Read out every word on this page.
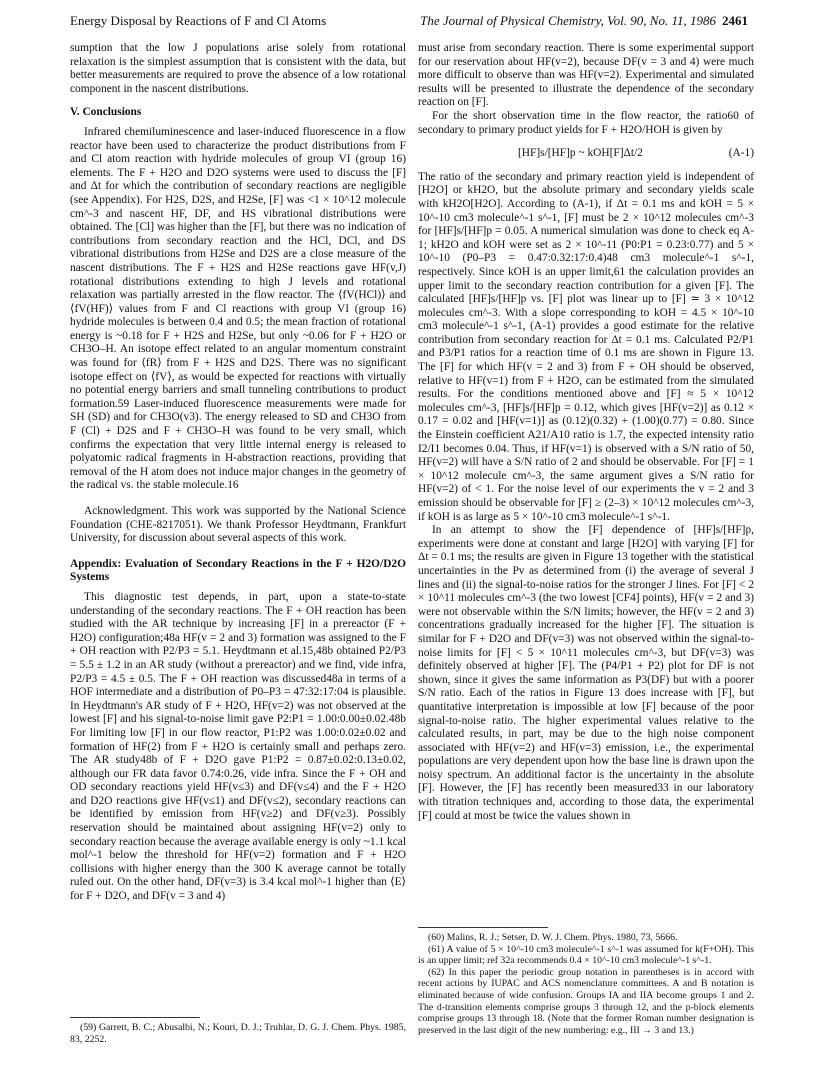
Energy Disposal by Reactions of F and Cl Atoms	The Journal of Physical Chemistry, Vol. 90, No. 11, 1986 2461

sumption that the low J populations arise solely from rotational relaxation is the simplest assumption that is consistent with the data, but better measurements are required to prove the absence of a low rotational component in the nascent distributions.

V. Conclusions

Infrared chemiluminescence and laser-induced fluorescence in a flow reactor have been used to characterize the product distributions from F and Cl atom reaction with hydride molecules of group VI (group 16) elements. The F + H2O and D2O systems were used to discuss the [F] and Δt for which the contribution of secondary reactions are negligible (see Appendix). For H2S, D2S, and H2Se, [F] was <1 × 10^12 molecule cm^-3 and nascent HF, DF, and HS vibrational distributions were obtained. The [Cl] was higher than the [F], but there was no indication of contributions from secondary reaction and the HCl, DCl, and DS vibrational distributions from H2Se and D2S are a close measure of the nascent distributions. The F + H2S and H2Se reactions gave HF(v,J) rotational distributions extending to high J levels and rotational relaxation was partially arrested in the flow reactor. The ⟨fV(HCl)⟩ and ⟨fV(HF)⟩ values from F and Cl reactions with group VI (group 16) hydride molecules is between 0.4 and 0.5; the mean fraction of rotational energy is ~0.18 for F + H2S and H2Se, but only ~0.06 for F + H2O or CH3O–H. An isotope effect related to an angular momentum constraint was found for ⟨fR⟩ from F + H2S and D2S. There was no significant isotope effect on ⟨fV⟩, as would be expected for reactions with virtually no potential energy barriers and small tunneling contributions to product formation.59 Laser-induced fluorescence measurements were made for SH (SD) and for CH3O(v3). The energy released to SD and CH3O from F (Cl) + D2S and F + CH3O–H was found to be very small, which confirms the expectation that very little internal energy is released to polyatomic radical fragments in H-abstraction reactions, providing that removal of the H atom does not induce major changes in the geometry of the radical vs. the stable molecule.16

Acknowledgment. This work was supported by the National Science Foundation (CHE-8217051). We thank Professor Heydtmann, Frankfurt University, for discussion about several aspects of this work.

Appendix: Evaluation of Secondary Reactions in the F + H2O/D2O Systems

This diagnostic test depends, in part, upon a state-to-state understanding of the secondary reactions. The F + OH reaction has been studied with the AR technique by increasing [F] in a prereactor (F + H2O) configuration;48a HF(v = 2 and 3) formation was assigned to the F + OH reaction with P2/P3 = 5.1. Heydtmann et al.15,48b obtained P2/P3 = 5.5 ± 1.2 in an AR study (without a prereactor) and we find, vide infra, P2/P3 = 4.5 ± 0.5. The F + OH reaction was discussed48a in terms of a HOF intermediate and a distribution of P0–P3 = 47:32:17:04 is plausible. In Heydtmann's AR study of F + H2O, HF(v=2) was not observed at the lowest [F] and his signal-to-noise limit gave P2:P1 = 1.00:0.00±0.02.48b For limiting low [F] in our flow reactor, P1:P2 was 1.00:0.02±0.02 and formation of HF(2) from F + H2O is certainly small and perhaps zero. The AR study48b of F + D2O gave P1:P2 = 0.87±0.02:0.13±0.02, although our FR data favor 0.74:0.26, vide infra. Since the F + OH and OD secondary reactions yield HF(v≤3) and DF(v≤4) and the F + H2O and D2O reactions give HF(v≤1) and DF(v≤2), secondary reactions can be identified by emission from HF(v≥2) and DF(v≥3). Possibly reservation should be maintained about assigning HF(v=2) only to secondary reaction because the average available energy is only ~1.1 kcal mol^-1 below the threshold for HF(v=2) formation and F + H2O collisions with higher energy than the 300 K average cannot be totally ruled out. On the other hand, DF(v=3) is 3.4 kcal mol^-1 higher than ⟨E⟩ for F + D2O, and DF(v = 3 and 4)

(59) Garrett, B. C.; Abusalbi, N.; Kouri, D. J.; Truhlar, D. G. J. Chem. Phys. 1985, 83, 2252.

must arise from secondary reaction. There is some experimental support for our reservation about HF(v=2), because DF(v = 3 and 4) were much more difficult to observe than was HF(v=2). Experimental and simulated results will be presented to illustrate the dependence of the secondary reaction on [F].

For the short observation time in the flow reactor, the ratio60 of secondary to primary product yields for F + H2O/HOH is given by

[HF]s/[HF]p ~ kOH[F]Δt/2	(A-1)

The ratio of the secondary and primary reaction yield is independent of [H2O] or kH2O, but the absolute primary and secondary yields scale with kH2O[H2O]. According to (A-1), if Δt = 0.1 ms and kOH = 5 × 10^-10 cm3 molecule^-1 s^-1, [F] must be 2 × 10^12 molecules cm^-3 for [HF]s/[HF]p = 0.05. A numerical simulation was done to check eq A-1; kH2O and kOH were set as 2 × 10^-11 (P0:P1 = 0.23:0.77) and 5 × 10^-10 (P0–P3 = 0.47:0.32:17:0.4)48 cm3 molecule^-1 s^-1, respectively. Since kOH is an upper limit,61 the calculation provides an upper limit to the secondary reaction contribution for a given [F]. The calculated [HF]s/[HF]p vs. [F] plot was linear up to [F] ≃ 3 × 10^12 molecules cm^-3. With a slope corresponding to kOH = 4.5 × 10^-10 cm3 molecule^-1 s^-1, (A-1) provides a good estimate for the relative contribution from secondary reaction for Δt = 0.1 ms. Calculated P2/P1 and P3/P1 ratios for a reaction time of 0.1 ms are shown in Figure 13. The [F] for which HF(v = 2 and 3) from F + OH should be observed, relative to HF(v=1) from F + H2O, can be estimated from the simulated results. For the conditions mentioned above and [F] ≈ 5 × 10^12 molecules cm^-3, [HF]s/[HF]p = 0.12, which gives [HF(v=2)] as 0.12 × 0.17 = 0.02 and [HF(v=1)] as (0.12)(0.32) + (1.00)(0.77) = 0.80. Since the Einstein coefficient A21/A10 ratio is 1.7, the expected intensity ratio I2/I1 becomes 0.04. Thus, if HF(v=1) is observed with a S/N ratio of 50, HF(v=2) will have a S/N ratio of 2 and should be observable. For [F] = 1 × 10^12 molecule cm^-3, the same argument gives a S/N ratio for HF(v=2) of < 1. For the noise level of our experiments the v = 2 and 3 emission should be observable for [F] ≥ (2–3) × 10^12 molecules cm^-3, if kOH is as large as 5 × 10^-10 cm3 molecule^-1 s^-1.

In an attempt to show the [F] dependence of [HF]s/[HF]p, experiments were done at constant and large [H2O] with varying [F] for Δt = 0.1 ms; the results are given in Figure 13 together with the statistical uncertainties in the Pv as determined from (i) the average of several J lines and (ii) the signal-to-noise ratios for the stronger J lines. For [F] < 2 × 10^11 molecules cm^-3 (the two lowest [CF4] points), HF(v = 2 and 3) were not observable within the S/N limits; however, the HF(v = 2 and 3) concentrations gradually increased for the higher [F]. The situation is similar for F + D2O and DF(v=3) was not observed within the signal-to-noise limits for [F] < 5 × 10^11 molecules cm^-3, but DF(v=3) was definitely observed at higher [F]. The (P4/P1 + P2) plot for DF is not shown, since it gives the same information as P3(DF) but with a poorer S/N ratio. Each of the ratios in Figure 13 does increase with [F], but quantitative interpretation is impossible at low [F] because of the poor signal-to-noise ratio. The higher experimental values relative to the calculated results, in part, may be due to the high noise component associated with HF(v=2) and HF(v=3) emission, i.e., the experimental populations are very dependent upon how the base line is drawn upon the noisy spectrum. An additional factor is the uncertainty in the absolute [F]. However, the [F] has recently been measured33 in our laboratory with titration techniques and, according to those data, the experimental [F] could at most be twice the values shown in

(60) Malins, R. J.; Setser, D. W. J. Chem. Phys. 1980, 73, 5666.

(61) A value of 5 × 10^-10 cm3 molecule^-1 s^-1 was assumed for k(F+OH). This is an upper limit; ref 32a recommends 0.4 × 10^-10 cm3 molecule^-1 s^-1.

(62) In this paper the periodic group notation in parentheses is in accord with recent actions by IUPAC and ACS nomenclature committees. A and B notation is eliminated because of wide confusion. Groups IA and IIA become groups 1 and 2. The d-transition elements comprise groups 3 through 12, and the p-block elements comprise groups 13 through 18. (Note that the former Roman number designation is preserved in the last digit of the new numbering: e.g., III → 3 and 13.)
